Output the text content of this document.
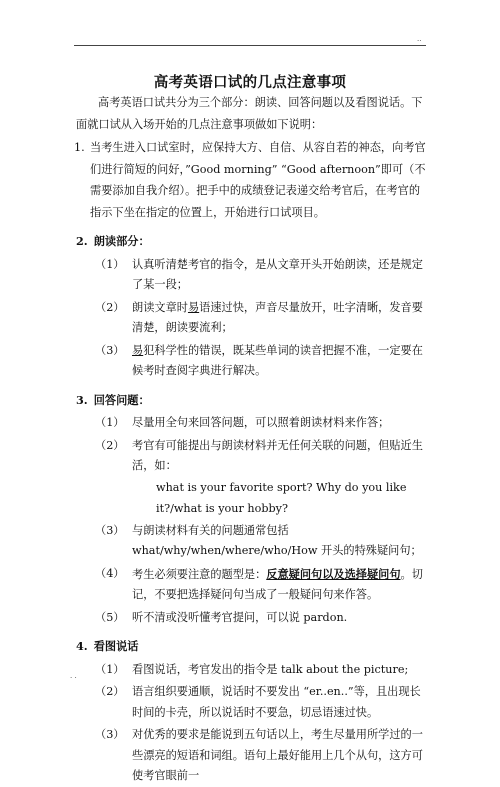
..
高考英语口试的几点注意事项

高考英语口试共分为三个部分：朗读、回答问题以及看图说话。下面就口试从入场开始的几点注意事项做如下说明：

1. 当考生进入口试室时，应保持大方、自信、从容自若的神态，向考官们进行简短的问好，”Good morning” “Good afternoon”即可（不需要添加自我介绍）。把手中的成绩登记表递交给考官后，在考官的指示下坐在指定的位置上，开始进行口试项目。
2. 朗读部分：
（1） 认真听清楚考官的指令，是从文章开头开始朗读，还是规定了某一段；
（2） 朗读文章时易语速过快，声音尽量放开，吐字清晰，发音要清楚，朗读要流利；
（3） 易犯科学性的错误，既某些单词的读音把握不准，一定要在候考时查阅字典进行解决。
3. 回答问题：
（1） 尽量用全句来回答问题，可以照着朗读材料来作答；
（2） 考官有可能提出与朗读材料并无任何关联的问题，但贴近生活，如：
what is your favorite sport? Why do you like it?/what is your hobby?
（3） 与朗读材料有关的问题通常包括 what/why/when/where/who/How 开头的特殊疑问句；
（4） 考生必须要注意的题型是：反意疑问句以及选择疑问句。切记，不要把选择疑问句当成了一般疑问句来作答。
（5） 听不清或没听懂考官提问，可以说 pardon.
4. 看图说话
（1） 看图说话，考官发出的指令是 talk about the picture;
（2） 语言组织要通顺，说话时不要发出 “er..en..”等，且出现长时间的卡壳，所以说话时不要急，切忌语速过快。
（3） 对优秀的要求是能说到五句话以上，考生尽量用所学过的一些漂亮的短语和词组。语句上最好能用上几个从句，这方可使考官眼前一
. .
